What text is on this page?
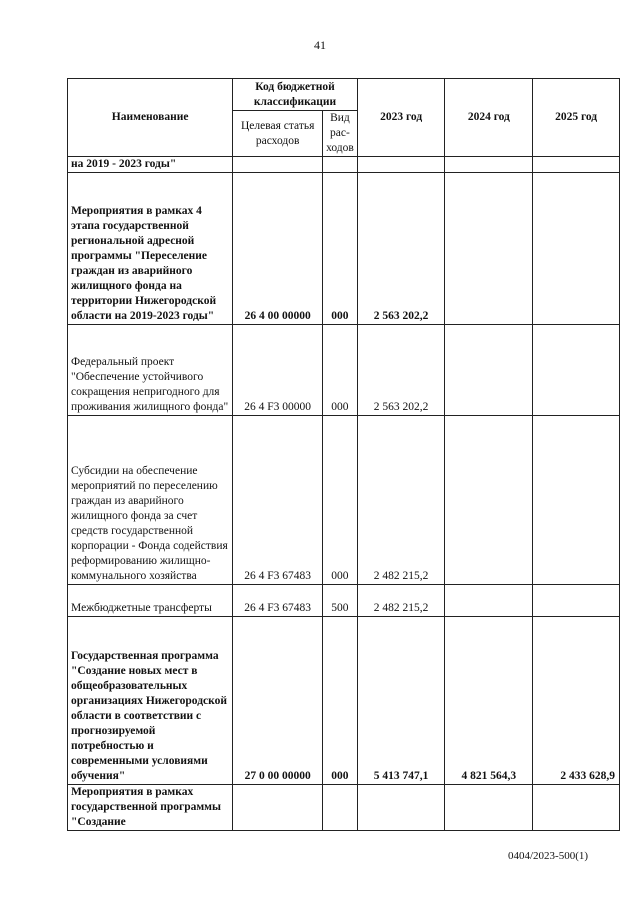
41
Наименование	Код бюджетной классификации		2023 год	2024 год	2025 год
	Целевая статья расходов	Вид рас-ходов			
на 2019 - 2023 годы"					
Мероприятия в рамках 4 этапа государственной региональной адресной программы "Переселение граждан из аварийного жилищного фонда на территории Нижегородской области на 2019-2023 годы"	26 4 00 00000	000	2 563 202,2		
Федеральный проект "Обеспечение устойчивого сокращения непригодного для проживания жилищного фонда"	26 4 F3 00000	000	2 563 202,2		
Субсидии на обеспечение мероприятий по переселению граждан из аварийного жилищного фонда за счет средств государственной корпорации - Фонда содействия реформированию жилищно-коммунального хозяйства	26 4 F3 67483	000	2 482 215,2		
Межбюджетные трансферты	26 4 F3 67483	500	2 482 215,2		
Государственная программа "Создание новых мест в общеобразовательных организациях Нижегородской области в соответствии с прогнозируемой потребностью и современными условиями обучения"	27 0 00 00000	000	5 413 747,1	4 821 564,3	2 433 628,9
Мероприятия в рамках государственной программы "Создание					
0404/2023-500(1)
